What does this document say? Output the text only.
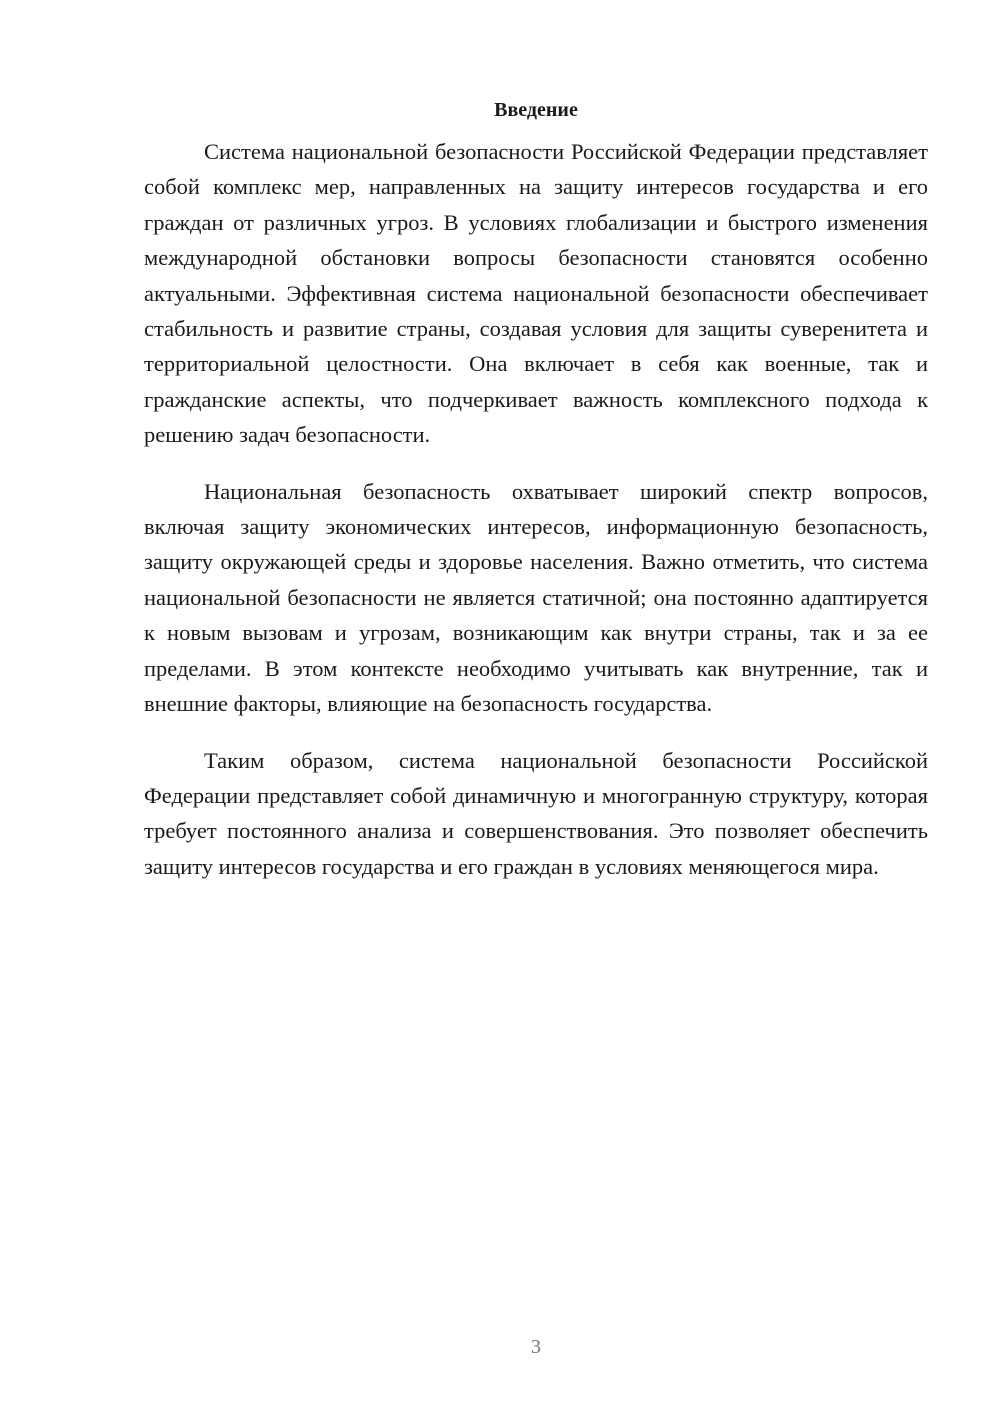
Введение

Система национальной безопасности Российской Федерации представляет собой комплекс мер, направленных на защиту интересов государства и его граждан от различных угроз. В условиях глобализации и быстрого изменения международной обстановки вопросы безопасности становятся особенно актуальными. Эффективная система национальной безопасности обеспечивает стабильность и развитие страны, создавая условия для защиты суверенитета и территориальной целостности. Она включает в себя как военные, так и гражданские аспекты, что подчеркивает важность комплексного подхода к решению задач безопасности.

Национальная безопасность охватывает широкий спектр вопросов, включая защиту экономических интересов, информационную безопасность, защиту окружающей среды и здоровье населения. Важно отметить, что система национальной безопасности не является статичной; она постоянно адаптируется к новым вызовам и угрозам, возникающим как внутри страны, так и за ее пределами. В этом контексте необходимо учитывать как внутренние, так и внешние факторы, влияющие на безопасность государства.

Таким образом, система национальной безопасности Российской Федерации представляет собой динамичную и многогранную структуру, которая требует постоянного анализа и совершенствования. Это позволяет обеспечить защиту интересов государства и его граждан в условиях меняющегося мира.

3
